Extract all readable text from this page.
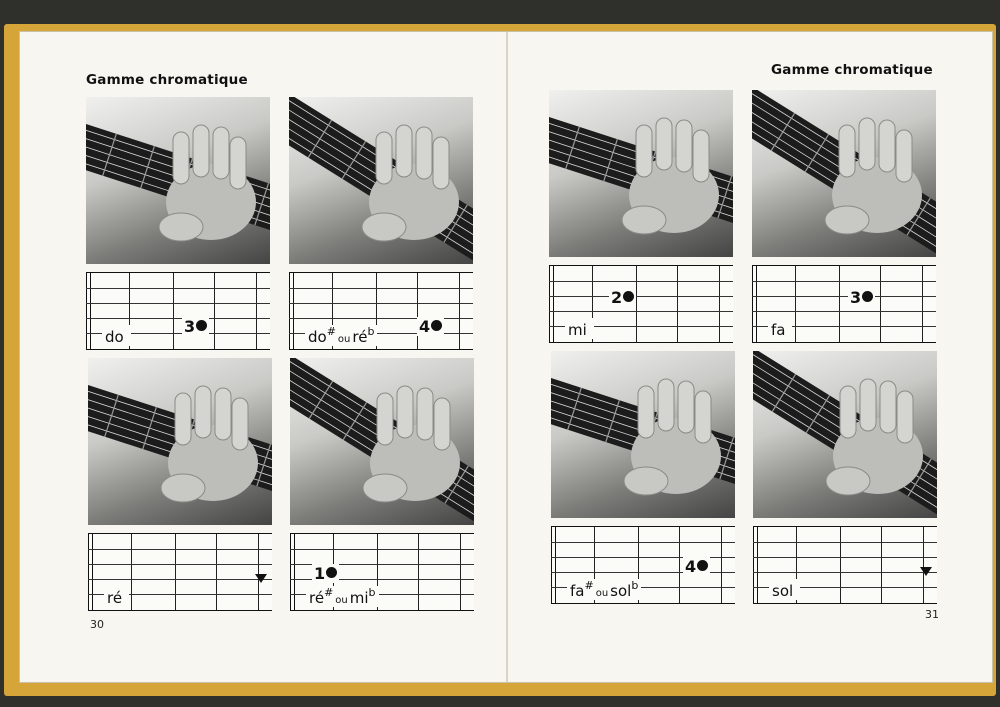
Gamme chromatique
Gamme chromatique
30
31
do
3
do#ou $ré^b$	4	mi
2
fa
3
ré	ré#ou $mi^b$
1
fa#ou sol$^b$
4
sol
